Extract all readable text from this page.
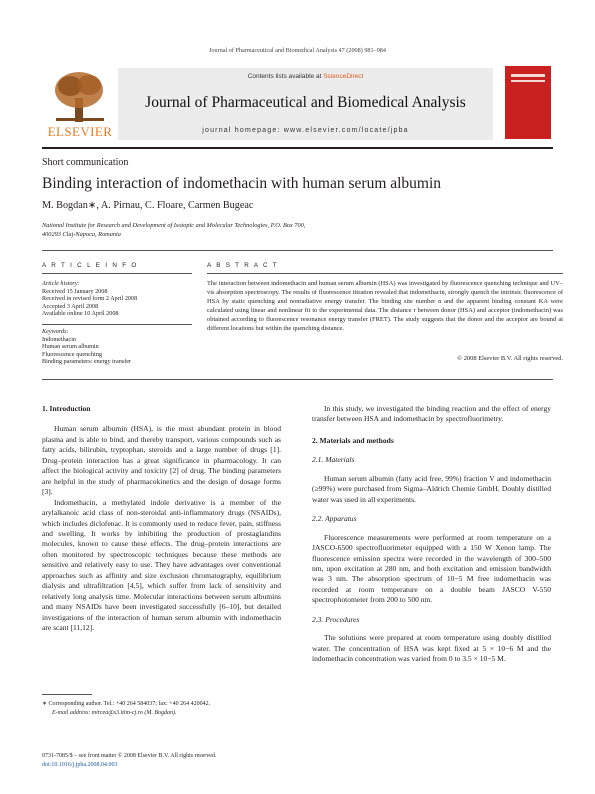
Journal of Pharmaceutical and Biomedical Analysis 47 (2008) 981–984
ELSEVIER
Contents lists available at ScienceDirect
Journal of Pharmaceutical and Biomedical Analysis
journal homepage: www.elsevier.com/locate/jpba
Short communication
Binding interaction of indomethacin with human serum albumin
M. Bogdan∗, A. Pirnau, C. Floare, Carmen Bugeac
National Institute for Research and Development of Isotopic and Molecular Technologies, P.O. Box 700,
400293 Cluj-Napoca, Romania
A R T I C L E I N F O	A B S T R A C T
Article history:
Received 15 January 2008
Received in revised form 2 April 2008
Accepted 3 April 2008
Available online 10 April 2008
Keywords:
Indomethacin
Human serum albumin
Fluorescence quenching
Binding parameters: energy transfer
The interaction between indomethacin and human serum albumin (HSA) was investigated by fluorescence quenching technique and UV–vis absorption spectroscopy. The results of fluorescence titration revealed that indomethacin, strongly quench the intrinsic fluorescence of HSA by static quenching and nonradiative energy transfer. The binding site number n and the apparent binding constant KA were calculated using linear and nonlinear fit to the experimental data. The distance r between donor (HSA) and acceptor (indomethacin) was obtained according to fluorescence resonance energy transfer (FRET). The study suggests that the donor and the acceptor are bound at different locations but within the quenching distance.
© 2008 Elsevier B.V. All rights reserved.
1. Introduction

Human serum albumin (HSA), is the most abundant protein in blood plasma and is able to bind, and thereby transport, various compounds such as fatty acids, bilirubin, tryptophan, steroids and a large number of drugs [1]. Drug–protein interaction has a great significance in pharmacology. It can affect the biological activity and toxicity [2] of drug. The binding parameters are helpful in the study of pharmacokinetics and the design of dosage forms [3].

Indomethacin, a methylated indole derivative is a member of the arylalkanoic acid class of non-steroidal anti-inflammatory drugs (NSAIDs), which includes diclofenac. It is commonly used to reduce fever, pain, stiffness and swelling. It works by inhibiting the production of prostaglandins molecules, known to cause these effects. The drug–protein interactions are often monitored by spectroscopic techniques because these methods are sensitive and relatively easy to use. They have advantages over conventional approaches such as affinity and size exclusion chromatography, equilibrium dialysis and ultrafiltration [4,5], which suffer from lack of sensitivity and relatively long analysis time. Molecular interactions between serum albumins and many NSAIDs have been investigated successfully [6–10], but detailed investigations of the interaction of human serum albumin with indomethacin are scant [11,12].

In this study, we investigated the binding reaction and the effect of energy transfer between HSA and indomethacin by spectrofluorimetry.

2. Materials and methods
2.1. Materials

Human serum albumin (fatty acid free, 99%) fraction V and indomethacin (≥99%) were purchased from Sigma–Aldrich Chemie GmbH. Doubly distilled water was used in all experiments.

2.2. Apparatus

Fluorescence measurements were performed at room temperature on a JASCO-6500 spectrofluorimeter equipped with a 150 W Xenon lamp. The fluorescence emission spectra were recorded in the wavelength of 300–500 nm, upon excitation at 280 nm, and both excitation and emission bandwidth was 3 nm. The absorption spectrum of 10−5 M free indomethacin was recorded at room temperature on a double beam JASCO V-550 spectrophotometer from 200 to 500 nm.

2.3. Procedures

The solutions were prepared at room temperature using doubly distilled water. The concentration of HSA was kept fixed at 5 × 10−6 M and the indomethacin concentration was varied from 0 to 3.5 × 10−5 M.

∗ Corresponding author. Tel.: +40 264 584037; fax: +40 264 420042.
E-mail address: mircea@s3.itim-cj.ro (M. Bogdan).
0731-7085/$ – see front matter © 2008 Elsevier B.V. All rights reserved.
doi:10.1016/j.jpba.2008.04.003
